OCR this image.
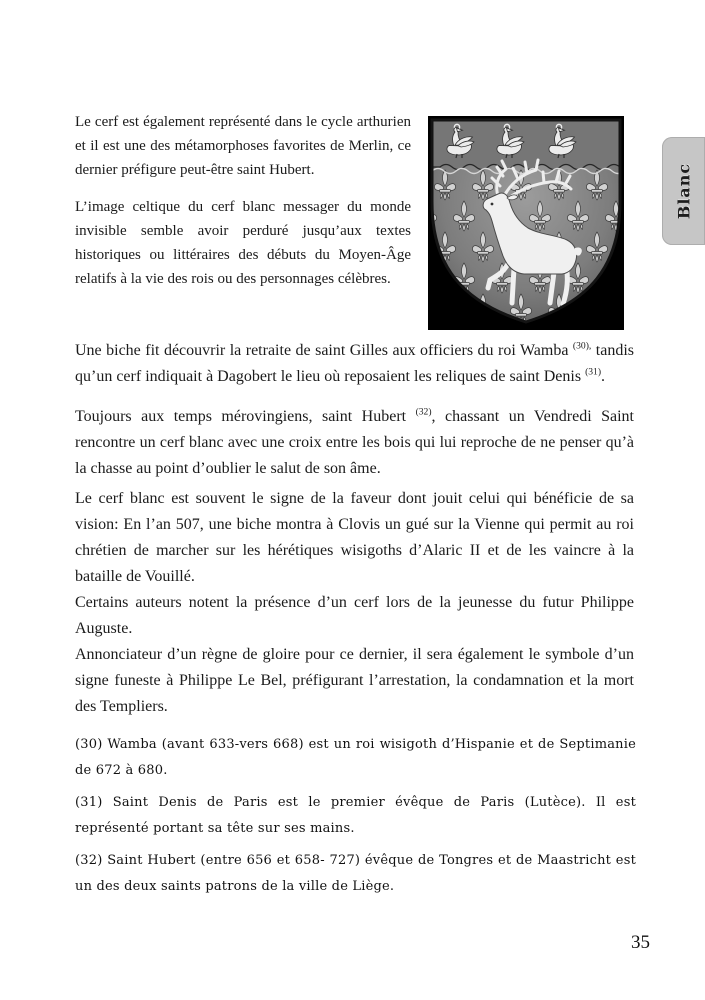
Le cerf est également représenté dans le cycle arthurien et il est une des métamorphoses favorites de Merlin, ce dernier préfigure peut-être saint Hubert.

L’image celtique du cerf blanc messager du monde invisible semble avoir perduré jusqu’aux textes historiques ou littéraires des débuts du Moyen-Âge relatifs à la vie des rois ou des personnages célèbres.

Blanc

Une biche fit découvrir la retraite de saint Gilles aux officiers du roi Wamba $^{(30),}$ tandis qu’un cerf indiquait à Dagobert le lieu où reposaient les reliques de saint Denis $^{(31)}$.

Toujours aux temps mérovingiens, saint Hubert $^{(32)}$, chassant un Vendredi Saint rencontre un cerf blanc avec une croix entre les bois qui lui reproche de ne penser qu’à la chasse au point d’oublier le salut de son âme.

Le cerf blanc est souvent le signe de la faveur dont jouit celui qui bénéficie de sa vision: En l’an 507, une biche montra à Clovis un gué sur la Vienne qui permit au roi chrétien de marcher sur les hérétiques wisigoths d’Alaric II et de les vaincre à la bataille de Vouillé.

Certains auteurs notent la présence d’un cerf lors de la jeunesse du futur Philippe Auguste.

Annonciateur d’un règne de gloire pour ce dernier, il sera également le symbole d’un signe funeste à Philippe Le Bel, préfigurant l’arrestation, la condamnation et la mort des Templiers.

(30) Wamba (avant 633-vers 668) est un roi wisigoth d’Hispanie et de Septimanie de 672 à 680.

(31) Saint Denis de Paris est le premier évêque de Paris (Lutèce). Il est représenté portant sa tête sur ses mains.

(32) Saint Hubert (entre 656 et 658- 727) évêque de Tongres et de Maastricht est un des deux saints patrons de la ville de Liège.

35
